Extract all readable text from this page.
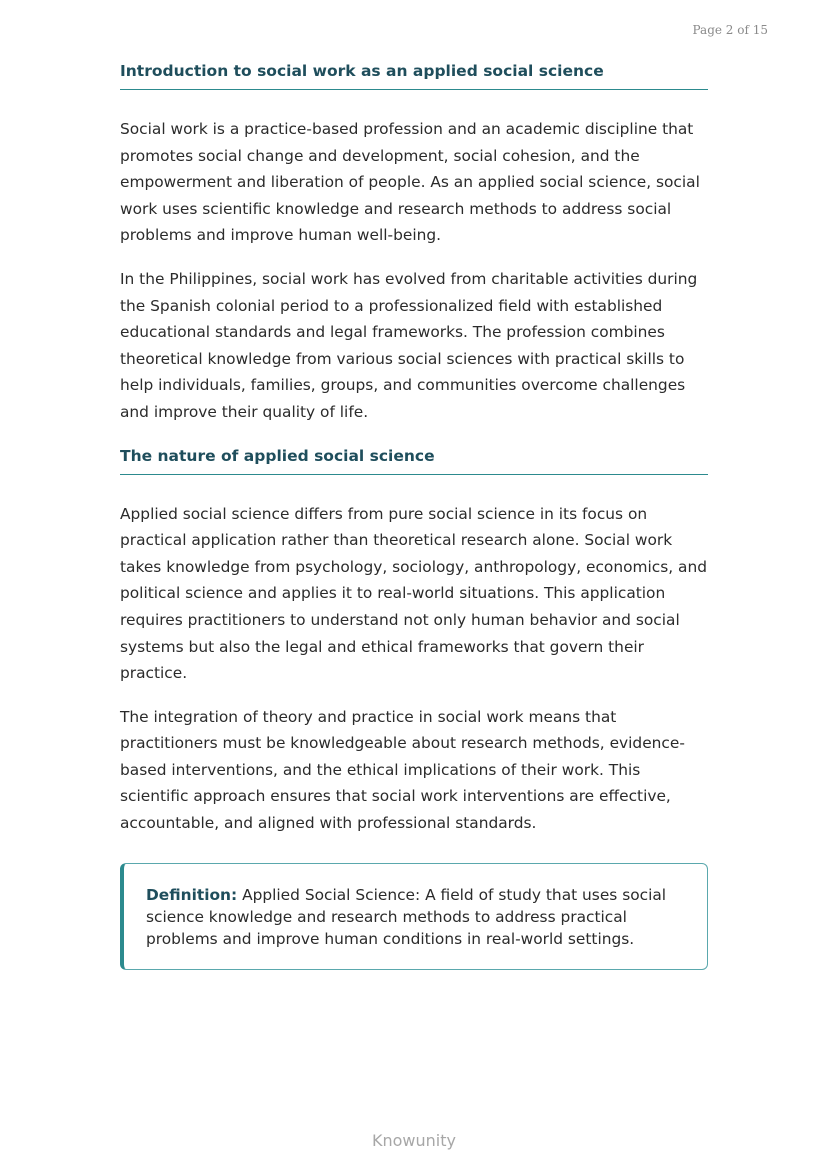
Page 2 of 15
Introduction to social work as an applied social science

Social work is a practice-based profession and an academic discipline that promotes social change and development, social cohesion, and the empowerment and liberation of people. As an applied social science, social work uses scientific knowledge and research methods to address social problems and improve human well-being.

In the Philippines, social work has evolved from charitable activities during the Spanish colonial period to a professionalized field with established educational standards and legal frameworks. The profession combines theoretical knowledge from various social sciences with practical skills to help individuals, families, groups, and communities overcome challenges and improve their quality of life.

The nature of applied social science

Applied social science differs from pure social science in its focus on practical application rather than theoretical research alone. Social work takes knowledge from psychology, sociology, anthropology, economics, and political science and applies it to real-world situations. This application requires practitioners to understand not only human behavior and social systems but also the legal and ethical frameworks that govern their practice.

The integration of theory and practice in social work means that practitioners must be knowledgeable about research methods, evidence-based interventions, and the ethical implications of their work. This scientific approach ensures that social work interventions are effective, accountable, and aligned with professional standards.

Definition: Applied Social Science: A field of study that uses social science knowledge and research methods to address practical problems and improve human conditions in real-world settings.
Knowunity
